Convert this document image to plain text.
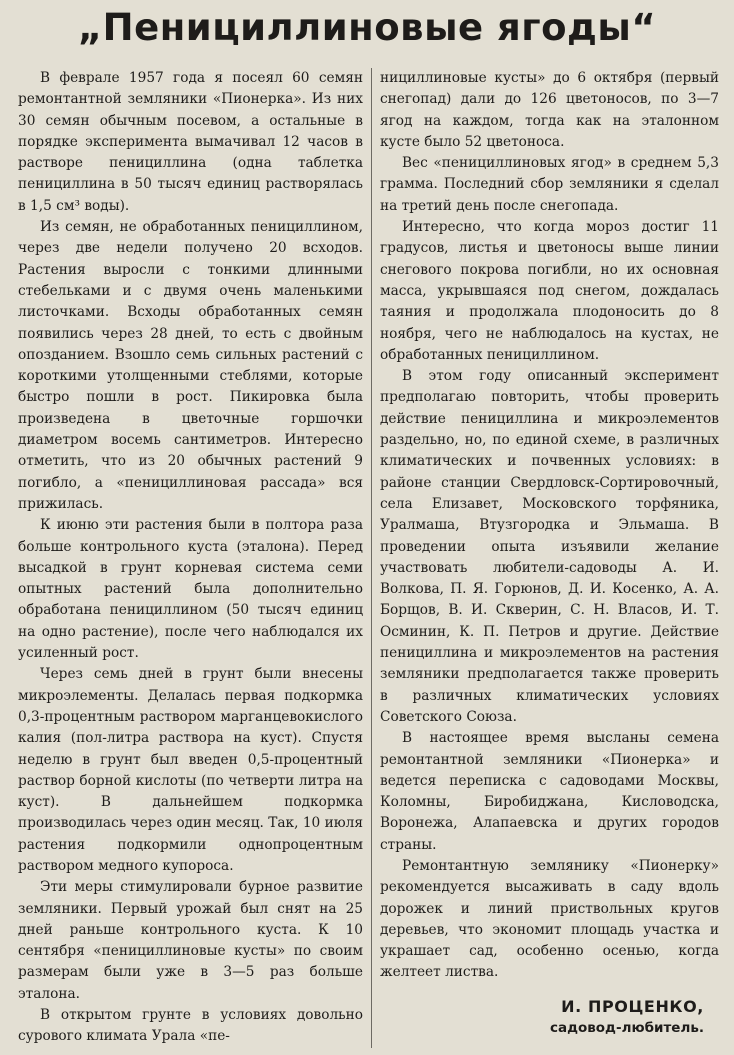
„Пенициллиновые ягоды“

В феврале 1957 года я посеял 60 семян ремонтантной земляники «Пионерка». Из них 30 семян обычным посевом, а остальные в порядке эксперимента вымачивал 12 часов в растворе пенициллина (одна таблетка пенициллина в 50 тысяч единиц растворялась в 1,5 см³ воды).

Из семян, не обработанных пенициллином, через две недели получено 20 всходов. Растения выросли с тонкими длинными стебельками и с двумя очень маленькими листочками. Всходы обработанных семян появились через 28 дней, то есть с двойным опозданием. Взошло семь сильных растений с короткими утолщенными стеблями, которые быстро пошли в рост. Пикировка была произведена в цветочные горшочки диаметром восемь сантиметров. Интересно отметить, что из 20 обычных растений 9 погибло, а «пенициллиновая рассада» вся прижилась.

К июню эти растения были в полтора раза больше контрольного куста (эталона). Перед высадкой в грунт корневая система семи опытных растений была дополнительно обработана пенициллином (50 тысяч единиц на одно растение), после чего наблюдался их усиленный рост.

Через семь дней в грунт были внесены микроэлементы. Делалась первая подкормка 0,3-процентным раствором марганцевокислого калия (пол-литра раствора на куст). Спустя неделю в грунт был введен 0,5-процентный раствор борной кислоты (по четверти литра на куст). В дальнейшем подкормка производилась через один месяц. Так, 10 июля растения подкормили однопроцентным раствором медного купороса.

Эти меры стимулировали бурное развитие земляники. Первый урожай был снят на 25 дней раньше контрольного куста. К 10 сентября «пенициллиновые кусты» по своим размерам были уже в 3—5 раз больше эталона.

В открытом грунте в условиях довольно сурового климата Урала «пе-

нициллиновые кусты» до 6 октября (первый снегопад) дали до 126 цветоносов, по 3—7 ягод на каждом, тогда как на эталонном кусте было 52 цветоноса.

Вес «пенициллиновых ягод» в среднем 5,3 грамма. Последний сбор земляники я сделал на третий день после снегопада.

Интересно, что когда мороз достиг 11 градусов, листья и цветоносы выше линии снегового покрова погибли, но их основная масса, укрывшаяся под снегом, дождалась таяния и продолжала плодоносить до 8 ноября, чего не наблюдалось на кустах, не обработанных пенициллином.

В этом году описанный эксперимент предполагаю повторить, чтобы проверить действие пенициллина и микроэлементов раздельно, но, по единой схеме, в различных климатических и почвенных условиях: в районе станции Свердловск-Сортировочный, села Елизавет, Московского торфяника, Уралмаша, Втузгородка и Эльмаша. В проведении опыта изъявили желание участвовать любители-садоводы А. И. Волкова, П. Я. Горюнов, Д. И. Косенко, А. А. Борщов, В. И. Скверин, С. Н. Власов, И. Т. Осминин, К. П. Петров и другие. Действие пенициллина и микроэлементов на растения земляники предполагается также проверить в различных климатических условиях Советского Союза.

В настоящее время высланы семена ремонтантной земляники «Пионерка» и ведется переписка с садоводами Москвы, Коломны, Биробиджана, Кисловодска, Воронежа, Алапаевска и других городов страны.

Ремонтантную землянику «Пионерку» рекомендуется высаживать в саду вдоль дорожек и линий приствольных кругов деревьев, что экономит площадь участка и украшает сад, особенно осенью, когда желтеет листва.

И. ПРОЦЕНКО,
садовод-любитель.
